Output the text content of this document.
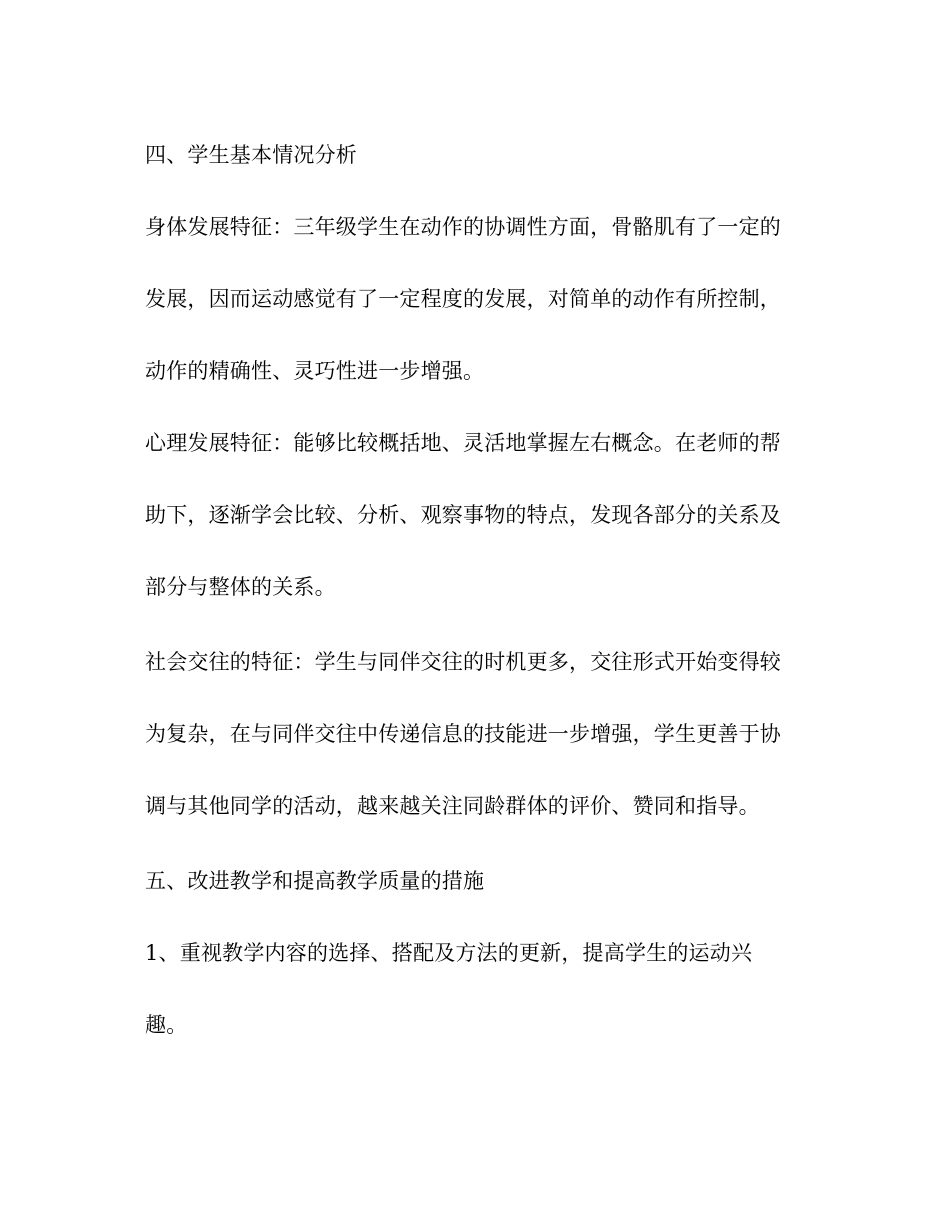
四、学生基本情况分析
身体发展特征：三年级学生在动作的协调性方面，骨骼肌有了一定的
发展，因而运动感觉有了一定程度的发展，对简单的动作有所控制，
动作的精确性、灵巧性进一步增强。
心理发展特征：能够比较概括地、灵活地掌握左右概念。在老师的帮
助下，逐渐学会比较、分析、观察事物的特点，发现各部分的关系及
部分与整体的关系。
社会交往的特征：学生与同伴交往的时机更多，交往形式开始变得较
为复杂，在与同伴交往中传递信息的技能进一步增强，学生更善于协
调与其他同学的活动，越来越关注同龄群体的评价、赞同和指导。
五、改进教学和提高教学质量的措施
1、重视教学内容的选择、搭配及方法的更新，提高学生的运动兴
趣。
